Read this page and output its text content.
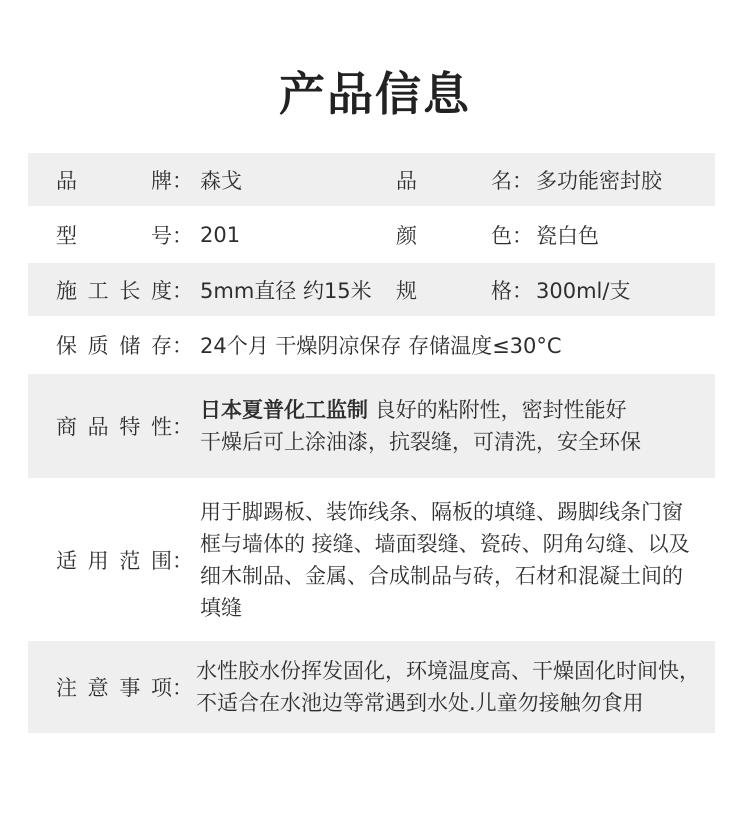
产品信息
品	牌 ： 森戈	品	名 ： 多功能密封胶
型	号 ： 201	颜	色 ： 瓷白色
施 工 长 度 ： 5mm直径 约15米 规	格 ： 300ml/支
保 质 储 存 ： 24个月 干燥阴凉保存 存储温度≤30°C
商 品 特 性 ：
日本夏普化工监制 良好的粘附性，密封性能好
干燥后可上涂油漆，抗裂缝，可清洗，安全环保
适 用 范 围 ：
用于脚踢板、装饰线条、隔板的填缝、踢脚线条门窗
框与墙体的 接缝、墙面裂缝、瓷砖、阴角勾缝、以及
细木制品、金属、合成制品与砖，石材和混凝土间的
填缝
注 意 事 项 ：
水性胶水份挥发固化，环境温度高、干燥固化时间快，
不适合在水池边等常遇到水处.儿童勿接触勿食用
